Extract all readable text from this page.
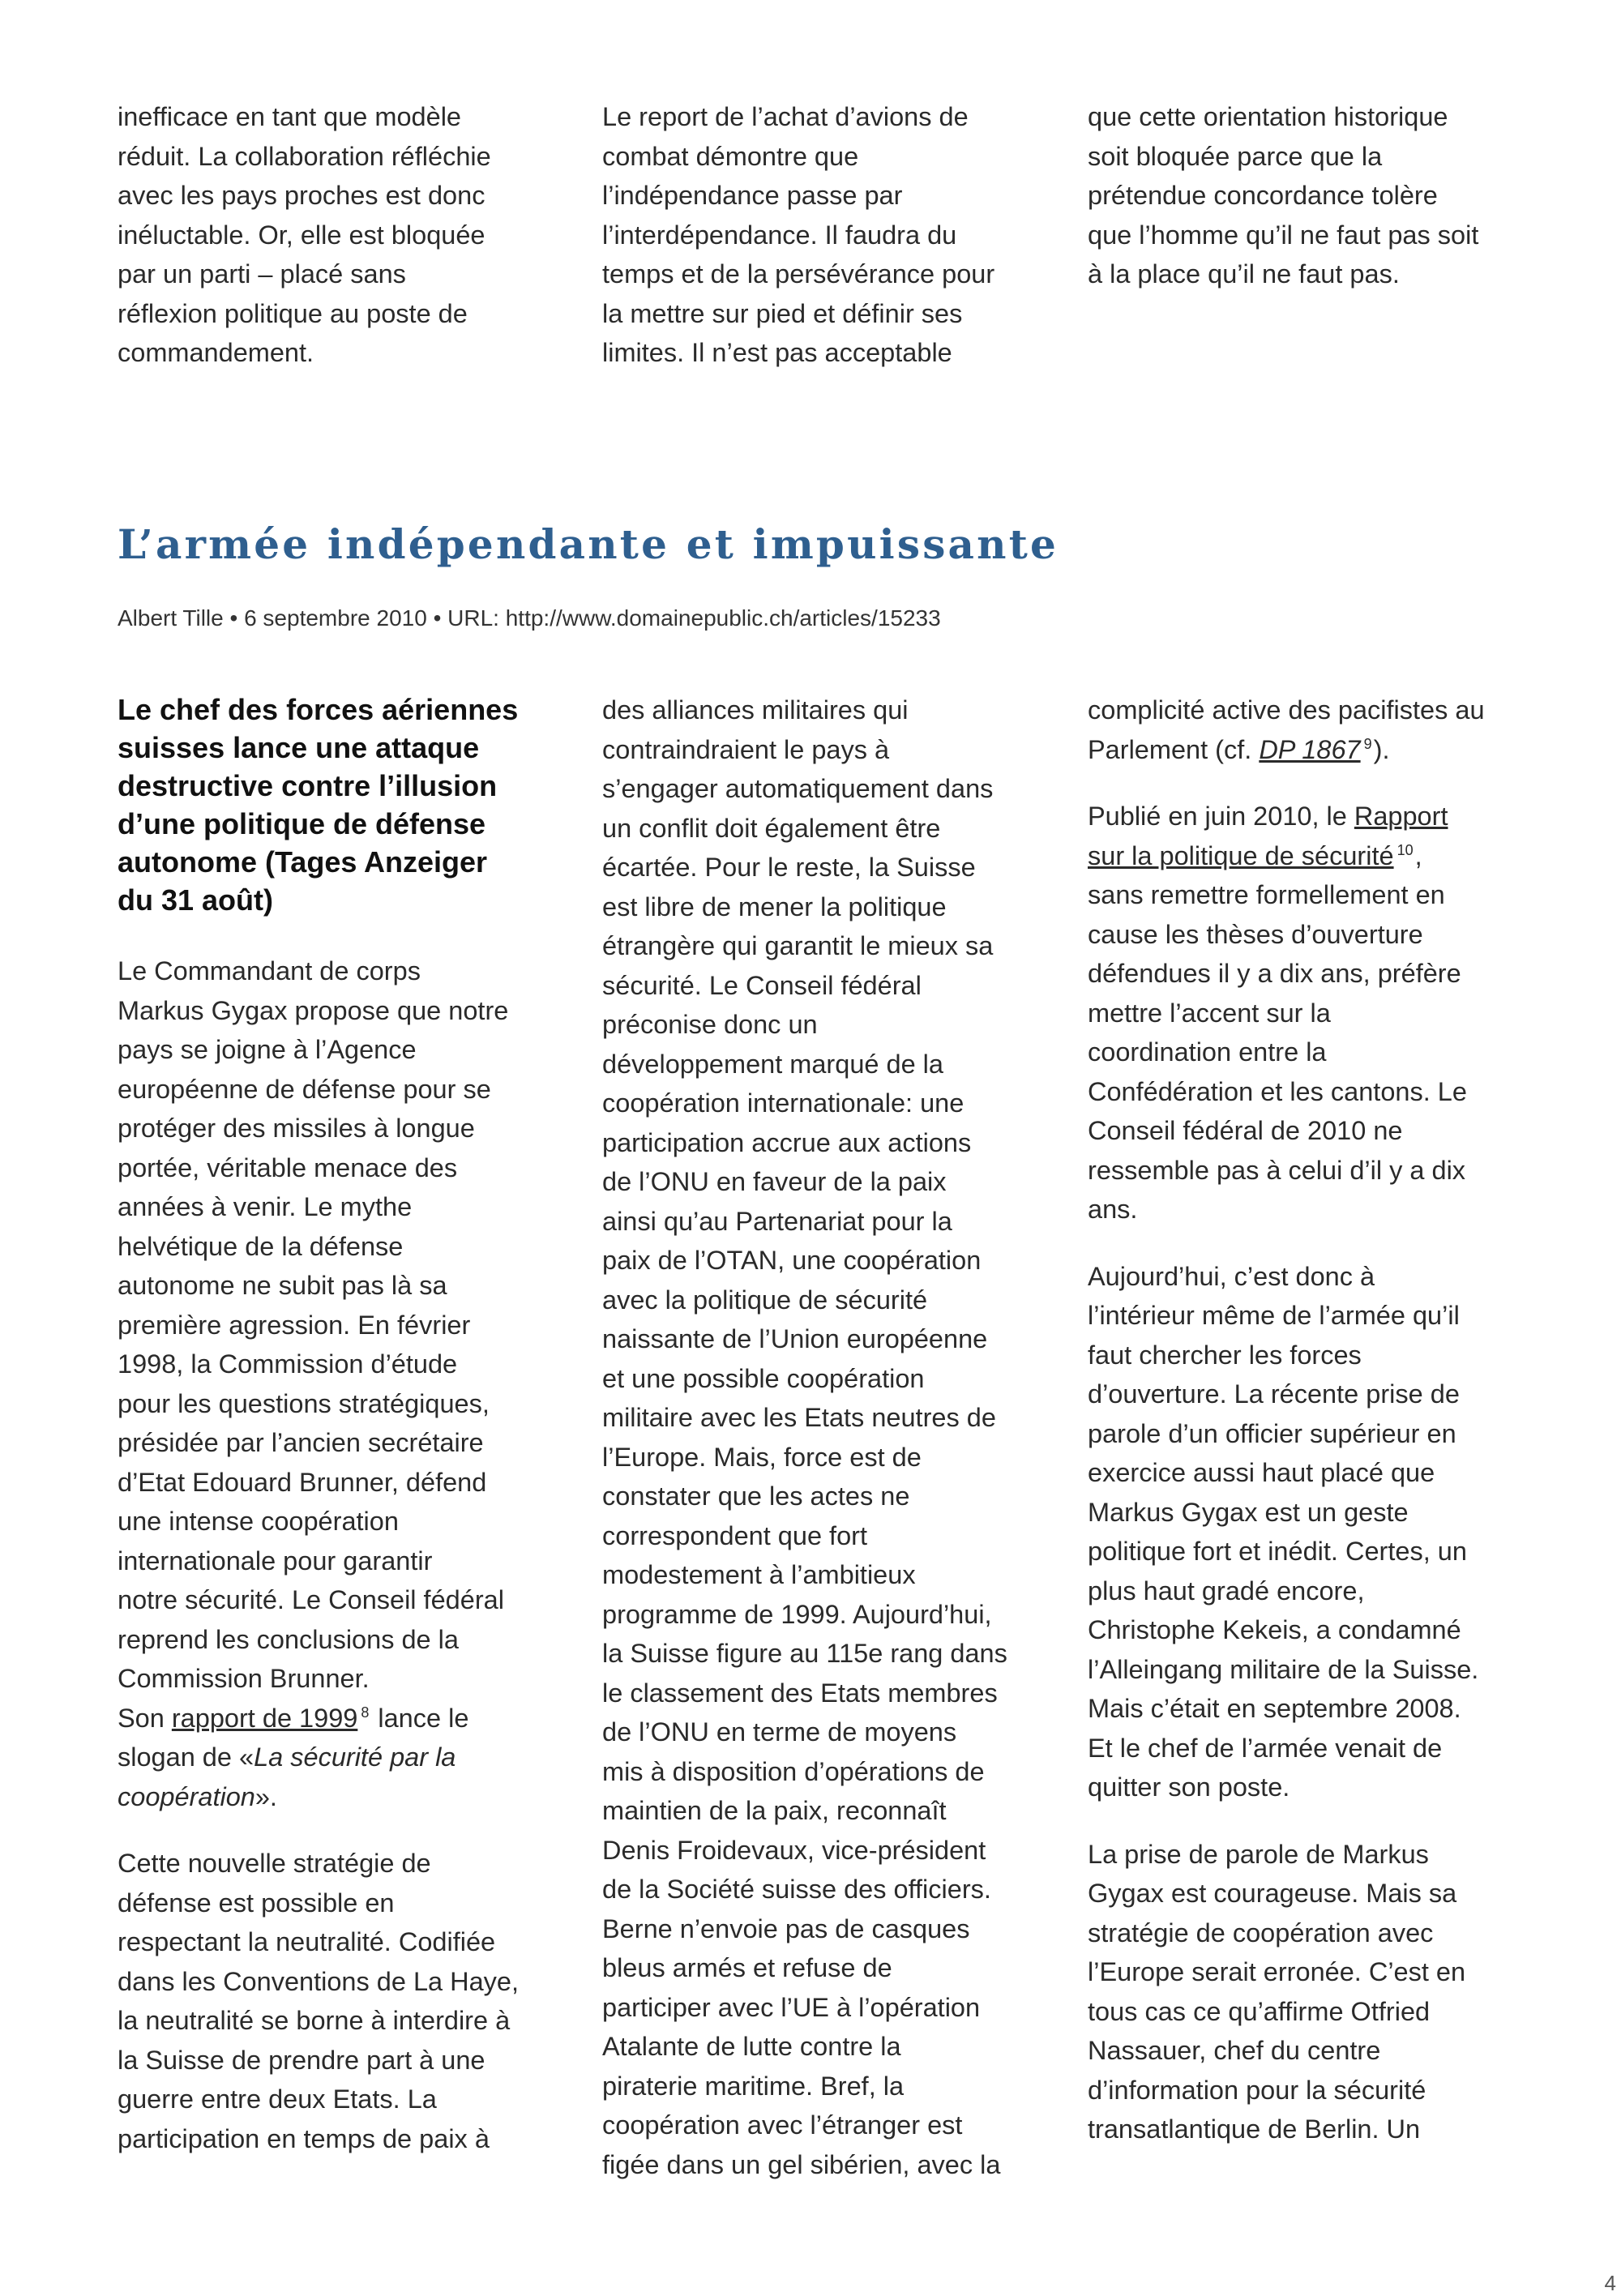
inefficace en tant que modèle
réduit. La collaboration réfléchie
avec les pays proches est donc
inéluctable. Or, elle est bloquée
par un parti – placé sans
réflexion politique au poste de
commandement.

Le report de l’achat d’avions de
combat démontre que
l’indépendance passe par
l’interdépendance. Il faudra du
temps et de la persévérance pour
la mettre sur pied et définir ses
limites. Il n’est pas acceptable

que cette orientation historique
soit bloquée parce que la
prétendue concordance tolère
que l’homme qu’il ne faut pas soit
à la place qu’il ne faut pas.

L’armée indépendante et impuissante

Albert Tille • 6 septembre 2010 • URL: http://www.domainepublic.ch/articles/15233

Le chef des forces aériennes
suisses lance une attaque
destructive contre l’illusion
d’une politique de défense
autonome (Tages Anzeiger
du 31 août)

Le Commandant de corps
Markus Gygax propose que notre
pays se joigne à l’Agence
européenne de défense pour se
protéger des missiles à longue
portée, véritable menace des
années à venir. Le mythe
helvétique de la défense
autonome ne subit pas là sa
première agression. En février
1998, la Commission d’étude
pour les questions stratégiques,
présidée par l’ancien secrétaire
d’Etat Edouard Brunner, défend
une intense coopération
internationale pour garantir
notre sécurité. Le Conseil fédéral
reprend les conclusions de la
Commission Brunner.
Son rapport de 1999 $^8$ lance le
slogan de «La sécurité par la
coopération».

Cette nouvelle stratégie de
défense est possible en
respectant la neutralité. Codifiée
dans les Conventions de La Haye,
la neutralité se borne à interdire à
la Suisse de prendre part à une
guerre entre deux Etats. La
participation en temps de paix à

des alliances militaires qui
contraindraient le pays à
s’engager automatiquement dans
un conflit doit également être
écartée. Pour le reste, la Suisse
est libre de mener la politique
étrangère qui garantit le mieux sa
sécurité. Le Conseil fédéral
préconise donc un
développement marqué de la
coopération internationale: une
participation accrue aux actions
de l’ONU en faveur de la paix
ainsi qu’au Partenariat pour la
paix de l’OTAN, une coopération
avec la politique de sécurité
naissante de l’Union européenne
et une possible coopération
militaire avec les Etats neutres de
l’Europe. Mais, force est de
constater que les actes ne
correspondent que fort
modestement à l’ambitieux
programme de 1999. Aujourd’hui,
la Suisse figure au 115e rang dans
le classement des Etats membres
de l’ONU en terme de moyens
mis à disposition d’opérations de
maintien de la paix, reconnaît
Denis Froidevaux, vice-président
de la Société suisse des officiers.
Berne n’envoie pas de casques
bleus armés et refuse de
participer avec l’UE à l’opération
Atalante de lutte contre la
piraterie maritime. Bref, la
coopération avec l’étranger est
figée dans un gel sibérien, avec la

complicité active des pacifistes au
Parlement (cf. DP 1867 $^9$).

Publié en juin 2010, le Rapport
sur la politique de sécurité $^{10}$,
sans remettre formellement en
cause les thèses d’ouverture
défendues il y a dix ans, préfère
mettre l’accent sur la
coordination entre la
Confédération et les cantons. Le
Conseil fédéral de 2010 ne
ressemble pas à celui d’il y a dix
ans.

Aujourd’hui, c’est donc à
l’intérieur même de l’armée qu’il
faut chercher les forces
d’ouverture. La récente prise de
parole d’un officier supérieur en
exercice aussi haut placé que
Markus Gygax est un geste
politique fort et inédit. Certes, un
plus haut gradé encore,
Christophe Kekeis, a condamné
l’Alleingang militaire de la Suisse.
Mais c’était en septembre 2008.
Et le chef de l’armée venait de
quitter son poste.

La prise de parole de Markus
Gygax est courageuse. Mais sa
stratégie de coopération avec
l’Europe serait erronée. C’est en
tous cas ce qu’affirme Otfried
Nassauer, chef du centre
d’information pour la sécurité
transatlantique de Berlin. Un

4
